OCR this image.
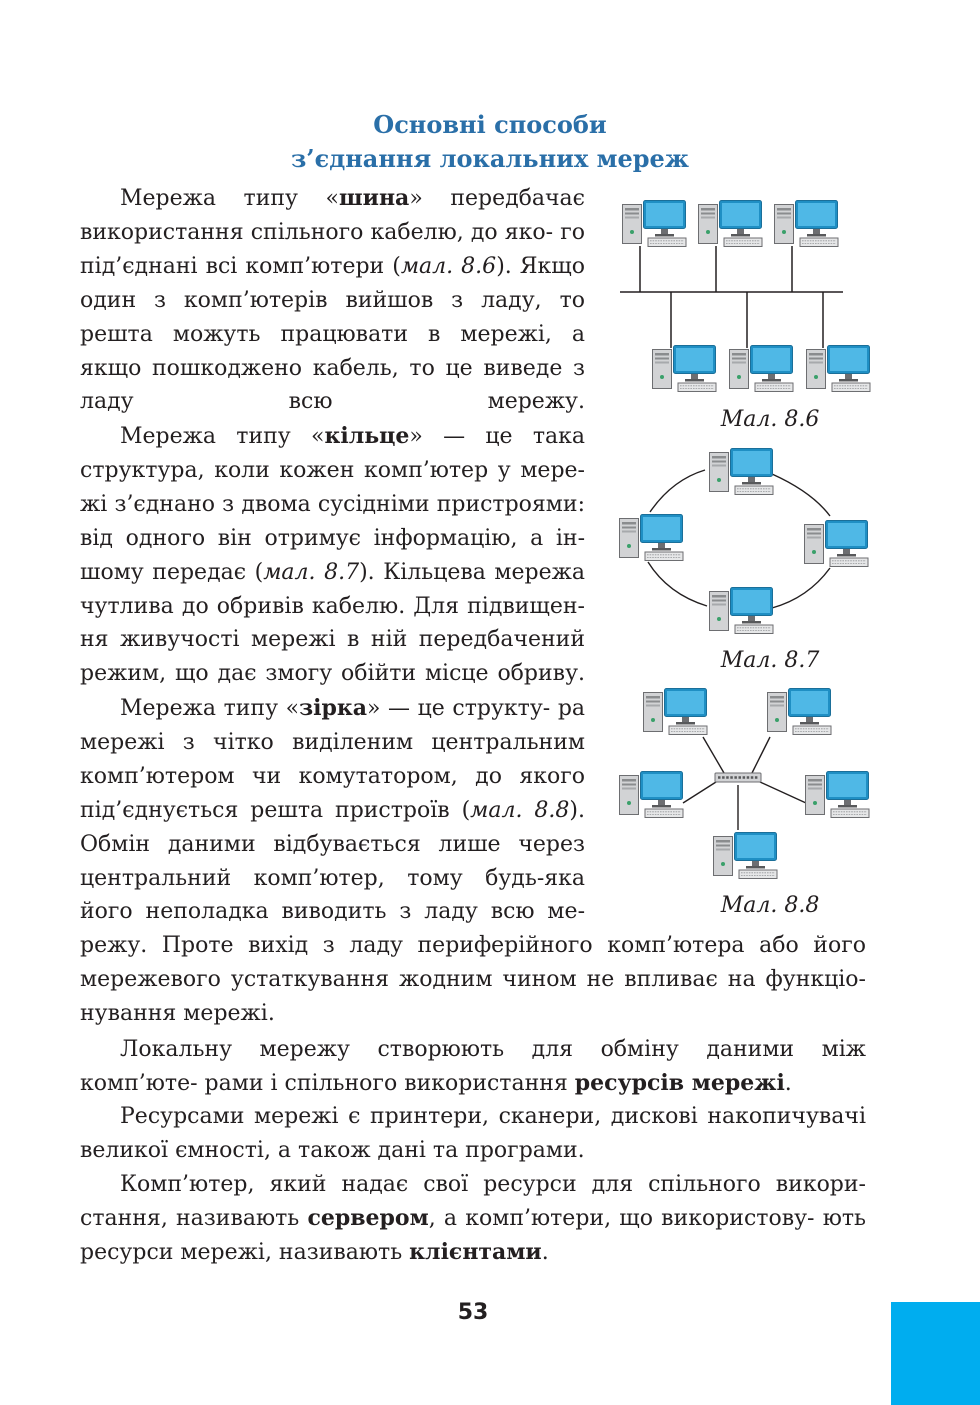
Основні способи
з’єднання локальних мереж

Мережа типу «шина» передбачає використання спільного кабелю, до яко- го під’єднані всі комп’ютери (мал. 8.6). Якщо один з комп’ютерів вийшов з ладу, то решта можуть працювати в мережі, а якщо пошкоджено кабель, то це виведе з ладу всю мережу.

Мережа типу «кільце» — це така структура, коли кожен комп’ютер у мере- жі з’єднано з двома сусідніми пристроями: від одного він отримує інформацію, а ін- шому передає (мал. 8.7). Кільцева мережа чутлива до обривів кабелю. Для підвищен- ня живучості мережі в ній передбачений режим, що дає змогу обійти місце обриву.

Мережа типу «зірка» — це структу- ра мережі з чітко виділеним центральним комп’ютером чи комутатором, до якого під’єднується решта пристроїв (мал. 8.8). Обмін даними відбувається лише через центральний комп’ютер, тому будь-яка його неполадка виводить з ладу всю ме-

режу. Проте вихід з ладу периферійного комп’ютера або його мережевого устаткування жодним чином не впливає на функціо- нування мережі.

Локальну мережу створюють для обміну даними між комп’юте- рами і спільного використання ресурсів мережі.

Ресурсами мережі є принтери, сканери, дискові накопичувачі великої ємності, а також дані та програми.

Комп’ютер, який надає свої ресурси для спільного викори- стання, називають сервером, а комп’ютери, що використову- ють ресурси мережі, називають клієнтами.

Мал. 8.6

Мал. 8.7

Мал. 8.8

53
